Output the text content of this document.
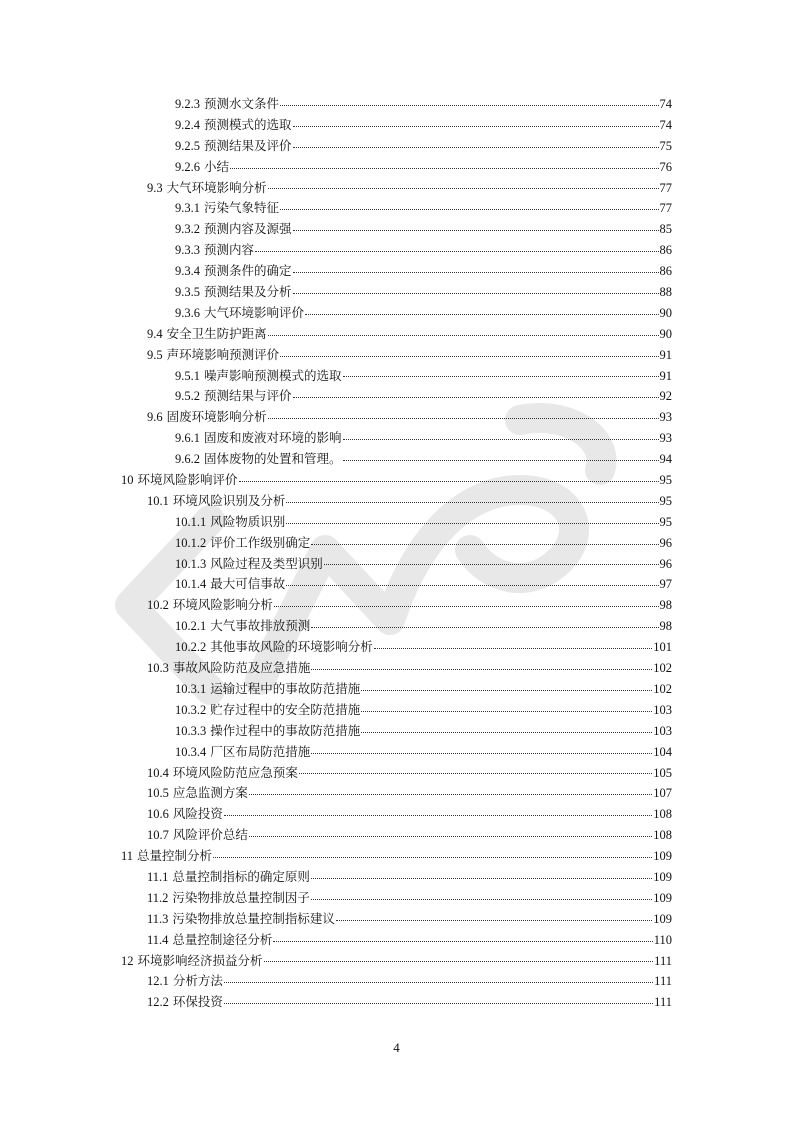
9.2.3 预测水文条件	74
9.2.4 预测模式的选取	74
9.2.5 预测结果及评价	75
9.2.6 小结	76
9.3 大气环境影响分析	77
9.3.1 污染气象特征	77
9.3.2 预测内容及源强	85
9.3.3 预测内容	86
9.3.4 预测条件的确定	86
9.3.5 预测结果及分析	88
9.3.6 大气环境影响评价	90
9.4 安全卫生防护距离	90
9.5 声环境影响预测评价	91
9.5.1 噪声影响预测模式的选取	91
9.5.2 预测结果与评价	92
9.6 固废环境影响分析	93
9.6.1 固废和废液对环境的影响	93
9.6.2 固体废物的处置和管理。	94
10 环境风险影响评价	95
10.1 环境风险识别及分析	95
10.1.1 风险物质识别	95
10.1.2 评价工作级别确定	96
10.1.3 风险过程及类型识别	96
10.1.4 最大可信事故	97
10.2 环境风险影响分析	98
10.2.1 大气事故排放预测	98
10.2.2 其他事故风险的环境影响分析	101
10.3 事故风险防范及应急措施	102
10.3.1 运输过程中的事故防范措施	102
10.3.2 贮存过程中的安全防范措施	103
10.3.3 操作过程中的事故防范措施	103
10.3.4 厂区布局防范措施	104
10.4 环境风险防范应急预案	105
10.5 应急监测方案	107
10.6 风险投资	108
10.7 风险评价总结	108
11 总量控制分析	109
11.1 总量控制指标的确定原则	109
11.2 污染物排放总量控制因子	109
11.3 污染物排放总量控制指标建议	109
11.4 总量控制途径分析	110
12 环境影响经济损益分析	111
12.1 分析方法	111
12.2 环保投资	111
4
